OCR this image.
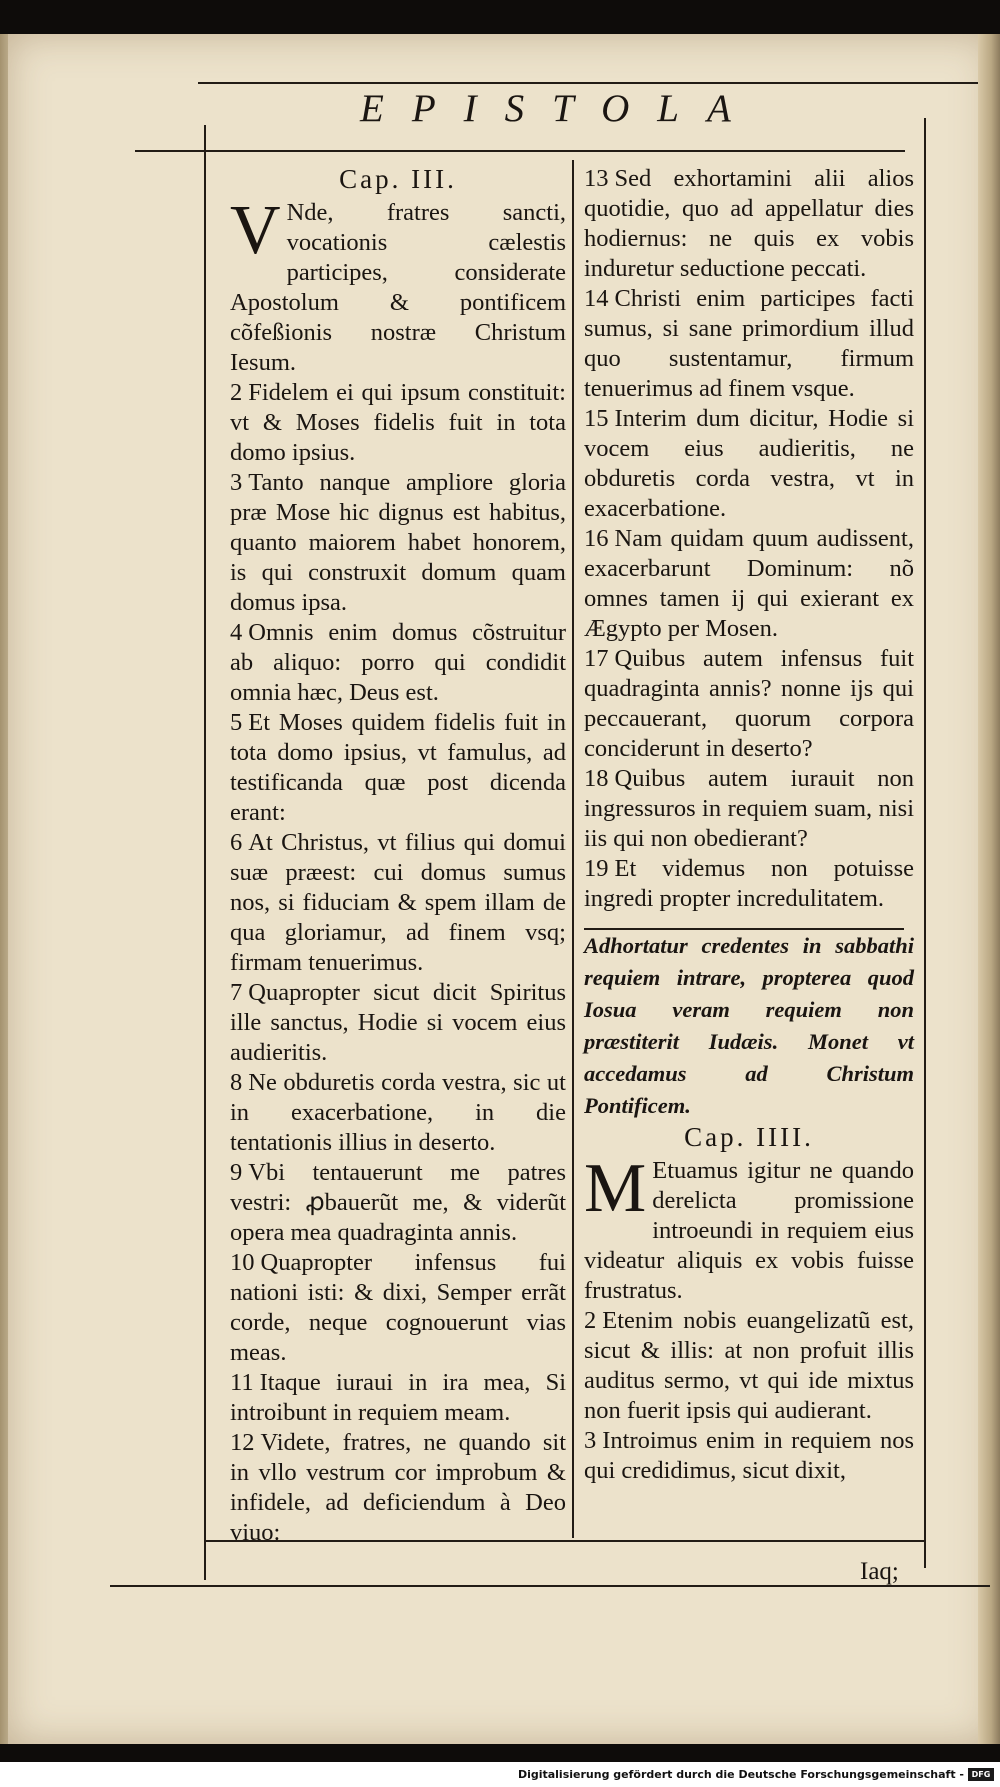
EPISTOLA
Cap. III.

V Nde, fratres sancti, vocationis cælestis participes, considerate Apostolum & pontificem cõfeßionis nostræ Christum Iesum.

2 Fidelem ei qui ipsum constituit: vt & Moses fidelis fuit in tota domo ipsius.

3 Tanto nanque ampliore gloria præ Mose hic dignus est habitus, quanto maiorem habet honorem, is qui construxit domum quam domus ipsa.

4 Omnis enim domus cõstruitur ab aliquo: porro qui condidit omnia hæc, Deus est.

5 Et Moses quidem fidelis fuit in tota domo ipsius, vt famulus, ad testificanda quæ post dicenda erant:

6 At Christus, vt filius qui domui suæ præest: cui domus sumus nos, si fiduciam & spem illam de qua gloriamur, ad finem vsq; firmam tenuerimus.

7 Quapropter sicut dicit Spiritus ille sanctus, Hodie si vocem eius audieritis.

8 Ne obduretis corda vestra, sic ut in exacerbatione, in die tentationis illius in deserto.

9 Vbi tentauerunt me patres vestri: ꝓbauerũt me, & viderũt opera mea quadraginta annis.

10 Quapropter infensus fui nationi isti: & dixi, Semper errãt corde, neque cognouerunt vias meas.

11 Itaque iuraui in ira mea, Si introibunt in requiem meam.

12 Videte, fratres, ne quando sit in vllo vestrum cor improbum & infidele, ad deficiendum à Deo viuo:

13 Sed exhortamini alii alios quotidie, quo ad appellatur dies hodiernus: ne quis ex vobis induretur seductione peccati.

14 Christi enim participes facti sumus, si sane primordium illud quo sustentamur, firmum tenuerimus ad finem vsque.

15 Interim dum dicitur, Hodie si vocem eius audieritis, ne obduretis corda vestra, vt in exacerbatione.

16 Nam quidam quum audissent, exacerbarunt Dominum: nõ omnes tamen ij qui exierant ex Ægypto per Mosen.

17 Quibus autem infensus fuit quadraginta annis? nonne ijs qui peccauerant, quorum corpora conciderunt in deserto?

18 Quibus autem iurauit non ingressuros in requiem suam, nisi iis qui non obedierant?

19 Et videmus non potuisse ingredi propter incredulitatem.

Adhortatur credentes in sabbathi requiem intrare, propterea quod Iosua veram requiem non præstiterit Iudæis. Monet vt accedamus ad Christum Pontificem.

Cap. IIII.

M Etuamus igitur ne quando derelicta promissione introeundi in requiem eius videatur aliquis ex vobis fuisse frustratus.

2 Etenim nobis euangelizatũ est, sicut & illis: at non profuit illis auditus sermo, vt qui ide mixtus non fuerit ipsis qui audierant.

3 Introimus enim in requiem nos qui credidimus, sicut dixit,

Iaq;
Digitalisierung gefördert durch die Deutsche Forschungsgemeinschaft - DFG
